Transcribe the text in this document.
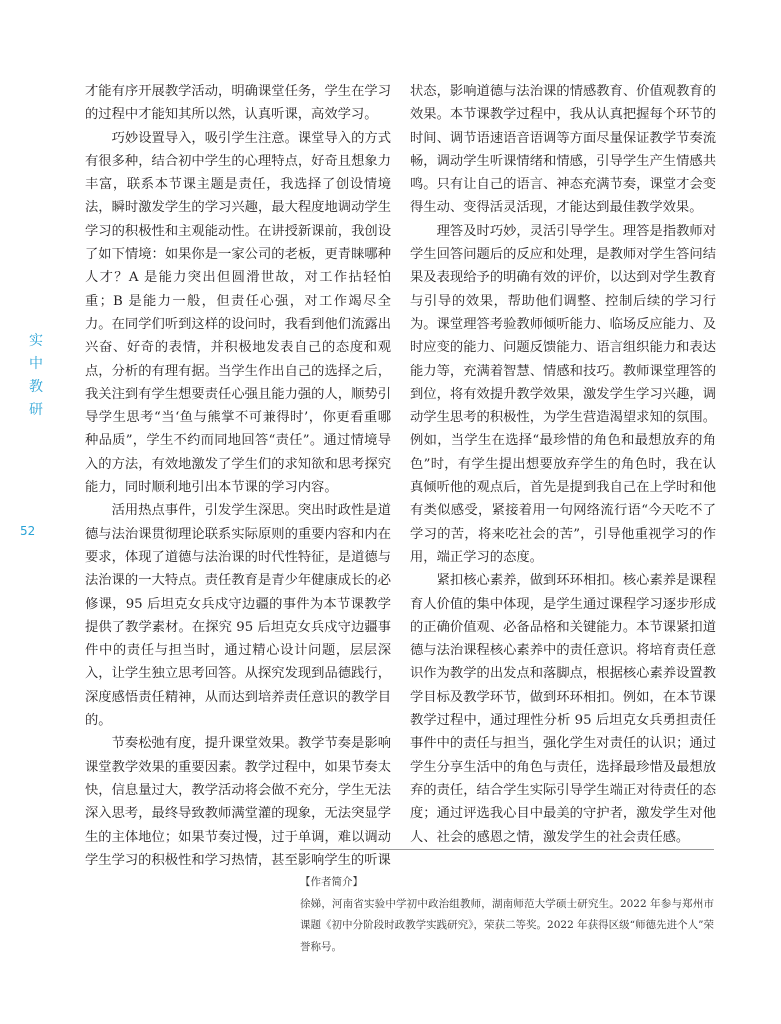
实
中
教
研
52

才能有序开展教学活动，明确课堂任务，学生在学习的过程中才能知其所以然，认真听课，高效学习。

巧妙设置导入，吸引学生注意。课堂导入的方式有很多种，结合初中学生的心理特点，好奇且想象力丰富，联系本节课主题是责任，我选择了创设情境法，瞬时激发学生的学习兴趣，最大程度地调动学生学习的积极性和主观能动性。在讲授新课前，我创设了如下情境：如果你是一家公司的老板，更青睐哪种人才？A 是能力突出但圆滑世故，对工作拈轻怕重；B 是能力一般，但责任心强，对工作竭尽全力。在同学们听到这样的设问时，我看到他们流露出兴奋、好奇的表情，并积极地发表自己的态度和观点，分析的有理有据。当学生作出自己的选择之后，我关注到有学生想要责任心强且能力强的人，顺势引导学生思考“当‘鱼与熊掌不可兼得时’，你更看重哪种品质”，学生不约而同地回答“责任”。通过情境导入的方法，有效地激发了学生们的求知欲和思考探究能力，同时顺利地引出本节课的学习内容。

活用热点事件，引发学生深思。突出时政性是道德与法治课贯彻理论联系实际原则的重要内容和内在要求，体现了道德与法治课的时代性特征，是道德与法治课的一大特点。责任教育是青少年健康成长的必修课，95 后坦克女兵戍守边疆的事件为本节课教学提供了教学素材。在探究 95 后坦克女兵戍守边疆事件中的责任与担当时，通过精心设计问题，层层深入，让学生独立思考回答。从探究发现到品德践行，深度感悟责任精神，从而达到培养责任意识的教学目的。

节奏松弛有度，提升课堂效果。教学节奏是影响课堂教学效果的重要因素。教学过程中，如果节奏太快，信息量过大，教学活动将会做不充分，学生无法深入思考，最终导致教师满堂灌的现象，无法突显学生的主体地位；如果节奏过慢，过于单调，难以调动学生学习的积极性和学习热情，甚至影响学生的听课

状态，影响道德与法治课的情感教育、价值观教育的效果。本节课教学过程中，我从认真把握每个环节的时间、调节语速语音语调等方面尽量保证教学节奏流畅，调动学生听课情绪和情感，引导学生产生情感共鸣。只有让自己的语言、神态充满节奏，课堂才会变得生动、变得活灵活现，才能达到最佳教学效果。

理答及时巧妙，灵活引导学生。理答是指教师对学生回答问题后的反应和处理，是教师对学生答问结果及表现给予的明确有效的评价，以达到对学生教育与引导的效果，帮助他们调整、控制后续的学习行为。课堂理答考验教师倾听能力、临场反应能力、及时应变的能力、问题反馈能力、语言组织能力和表达能力等，充满着智慧、情感和技巧。教师课堂理答的到位，将有效提升教学效果，激发学生学习兴趣，调动学生思考的积极性，为学生营造渴望求知的氛围。例如，当学生在选择“最珍惜的角色和最想放弃的角色”时，有学生提出想要放弃学生的角色时，我在认真倾听他的观点后，首先是提到我自己在上学时和他有类似感受，紧接着用一句网络流行语“今天吃不了学习的苦，将来吃社会的苦”，引导他重视学习的作用，端正学习的态度。

紧扣核心素养，做到环环相扣。核心素养是课程育人价值的集中体现，是学生通过课程学习逐步形成的正确价值观、必备品格和关键能力。本节课紧扣道德与法治课程核心素养中的责任意识。将培育责任意识作为教学的出发点和落脚点，根据核心素养设置教学目标及教学环节，做到环环相扣。例如，在本节课教学过程中，通过理性分析 95 后坦克女兵勇担责任事件中的责任与担当，强化学生对责任的认识；通过学生分享生活中的角色与责任，选择最珍惜及最想放弃的责任，结合学生实际引导学生端正对待责任的态度；通过评选我心目中最美的守护者，激发学生对他人、社会的感恩之情，激发学生的社会责任感。

【作者简介】

徐娣，河南省实验中学初中政治组教师，湖南师范大学硕士研究生。2022 年参与郑州市课题《初中分阶段时政教学实践研究》，荣获二等奖。2022 年获得区级“师德先进个人”荣誉称号。
